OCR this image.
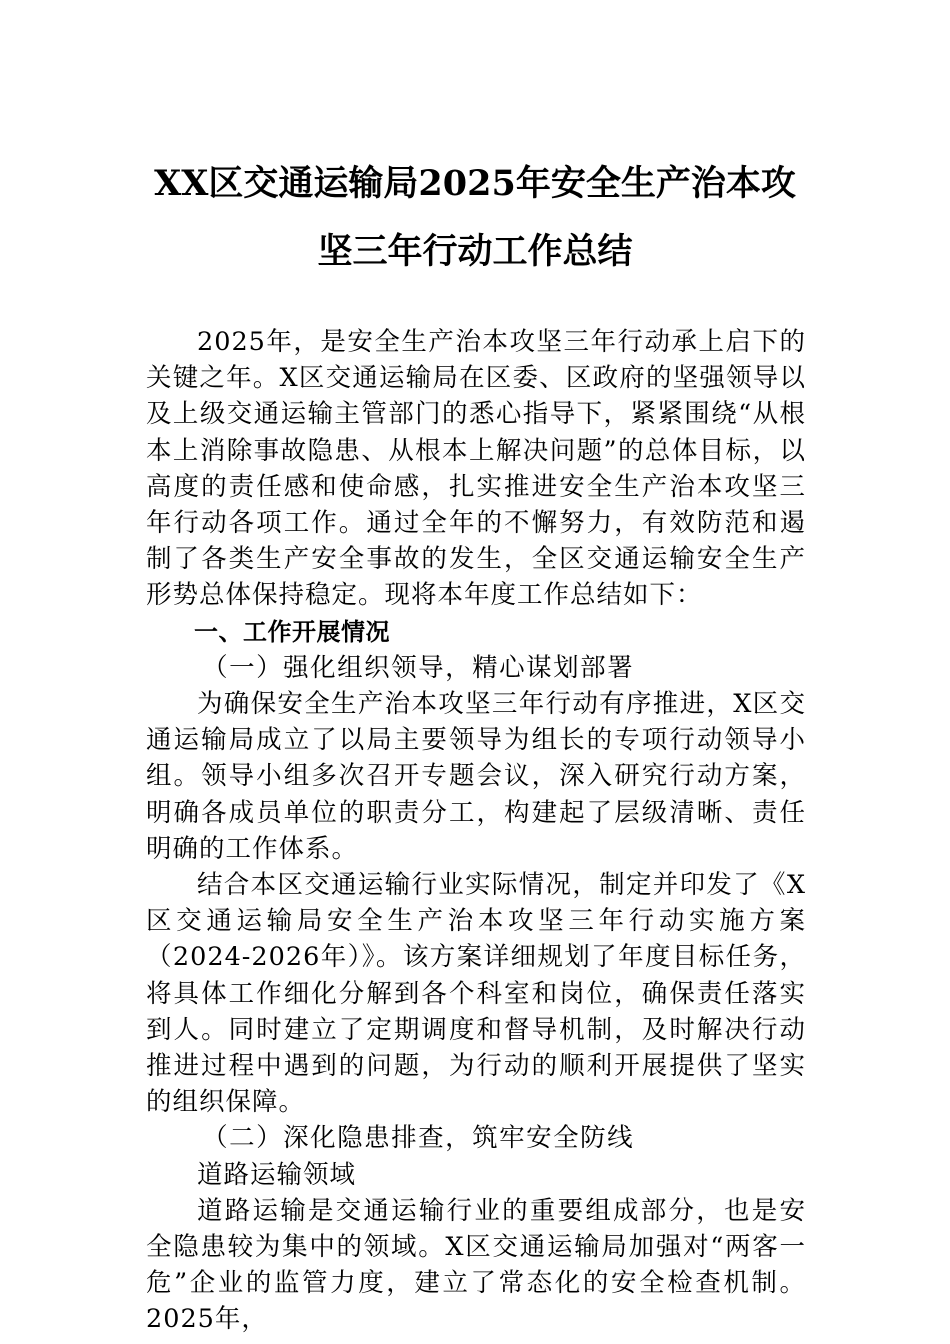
XX区交通运输局2025年安全生产治本攻
坚三年行动工作总结

2025年，是安全生产治本攻坚三年行动承上启下的关键之年。X区交通运输局在区委、区政府的坚强领导以及上级交通运输主管部门的悉心指导下，紧紧围绕“从根本上消除事故隐患、从根本上解决问题”的总体目标，以高度的责任感和使命感，扎实推进安全生产治本攻坚三年行动各项工作。通过全年的不懈努力，有效防范和遏制了各类生产安全事故的发生，全区交通运输安全生产形势总体保持稳定。现将本年度工作总结如下：

一、工作开展情况

（一）强化组织领导，精心谋划部署

为确保安全生产治本攻坚三年行动有序推进，X区交通运输局成立了以局主要领导为组长的专项行动领导小组。领导小组多次召开专题会议，深入研究行动方案，明确各成员单位的职责分工，构建起了层级清晰、责任明确的工作体系。

结合本区交通运输行业实际情况，制定并印发了《X区交通运输局安全生产治本攻坚三年行动实施方案（2024-2026年）》。该方案详细规划了年度目标任务，将具体工作细化分解到各个科室和岗位，确保责任落实到人。同时建立了定期调度和督导机制，及时解决行动推进过程中遇到的问题，为行动的顺利开展提供了坚实的组织保障。

（二）深化隐患排查，筑牢安全防线

道路运输领域

道路运输是交通运输行业的重要组成部分，也是安全隐患较为集中的领域。X区交通运输局加强对“两客一危”企业的监管力度，建立了常态化的安全检查机制。2025年，
